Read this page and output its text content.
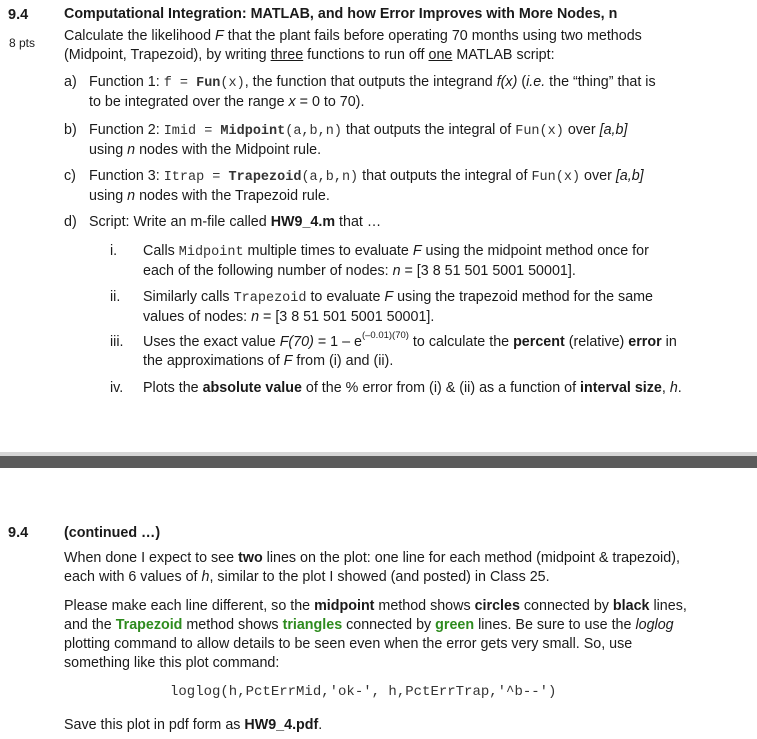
9.4
8 pts
Computational Integration: MATLAB, and how Error Improves with More Nodes, n
Calculate the likelihood F that the plant fails before operating 70 months using two methods
(Midpoint, Trapezoid), by writing three functions to run off one MATLAB script:
a) Function 1: f = Fun(x), the function that outputs the integrand f(x) (i.e. the “thing” that is
to be integrated over the range x = 0 to 70).
b) Function 2: Imid = Midpoint(a,b,n) that outputs the integral of Fun(x) over [a,b]
using n nodes with the Midpoint rule.
c) Function 3: Itrap = Trapezoid(a,b,n) that outputs the integral of Fun(x) over [a,b]
using n nodes with the Trapezoid rule.
d) Script: Write an m-file called HW9_4.m that …
i.	Calls Midpoint multiple times to evaluate F using the midpoint method once for
each of the following number of nodes: n = [3 8 51 501 5001 50001].
ii.	Similarly calls Trapezoid to evaluate F using the trapezoid method for the same
values of nodes: n = [3 8 51 501 5001 50001].
iii.	Uses the exact value $F(70) = 1 - e^{(-0.01)(70)}$ to calculate the percent (relative) error in
the approximations of F from (i) and (ii).
iv.	Plots the absolute value of the % error from (i) & (ii) as a function of interval size, h.
9.4	(continued …)
When done I expect to see two lines on the plot: one line for each method (midpoint & trapezoid),
each with 6 values of h, similar to the plot I showed (and posted) in Class 25.
Please make each line different, so the midpoint method shows circles connected by black lines,
and the Trapezoid method shows triangles connected by green lines. Be sure to use the loglog
plotting command to allow details to be seen even when the error gets very small. So, use
something like this plot command:
loglog(h,PctErrMid,'ok-', h,PctErrTrap,'^b--')
Save this plot in pdf form as HW9_4.pdf.
